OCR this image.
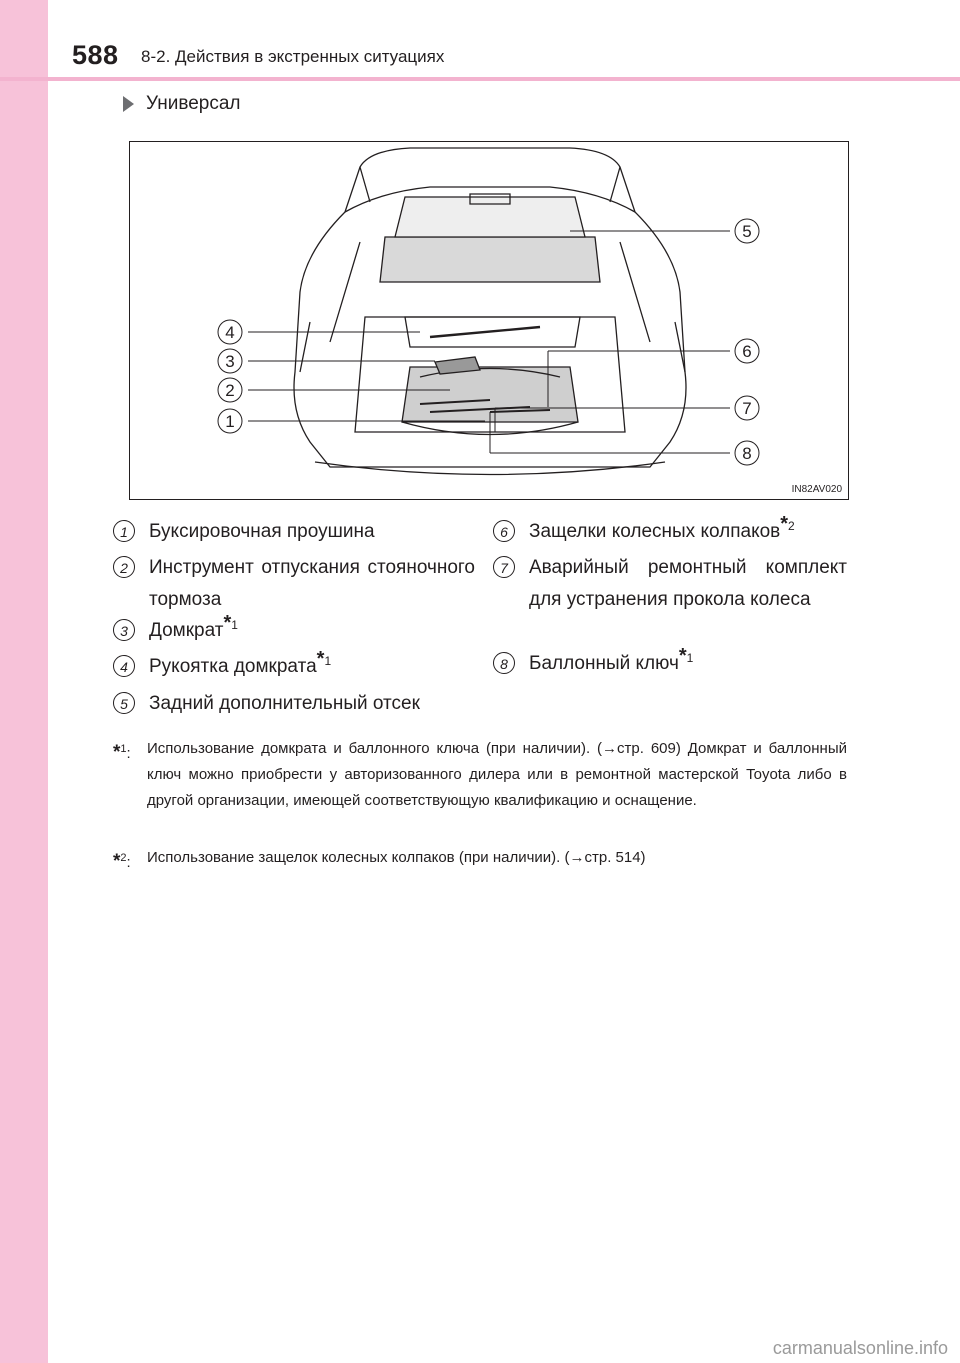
588 8-2. Действия в экстренных ситуациях
Универсал
1
2
3
4
5
6
7
8
IN82AV020
1	Буксировочная проушина
2	Инструмент отпускания стояночного тормоза
3	Домкрат$^{*1}$
4	Рукоятка домкрата$^{*1}$
5	Задний дополнительный отсек
6	Защелки колесных колпаков$^{*2}$
7	Аварийный ремонтный комплект для устранения прокола колеса
8	Баллонный ключ$^{*1}$
*$^1$: Использование домкрата и баллонного ключа (при наличии). (→стр. 609) Домкрат и баллонный ключ можно приобрести у авторизованного дилера или в ремонтной мастерской Toyota либо в другой организации, имеющей соответствующую квалификацию и оснащение.
*$^2$: Использование защелок колесных колпаков (при наличии). (→стр. 514)
carmanualsonline.info
